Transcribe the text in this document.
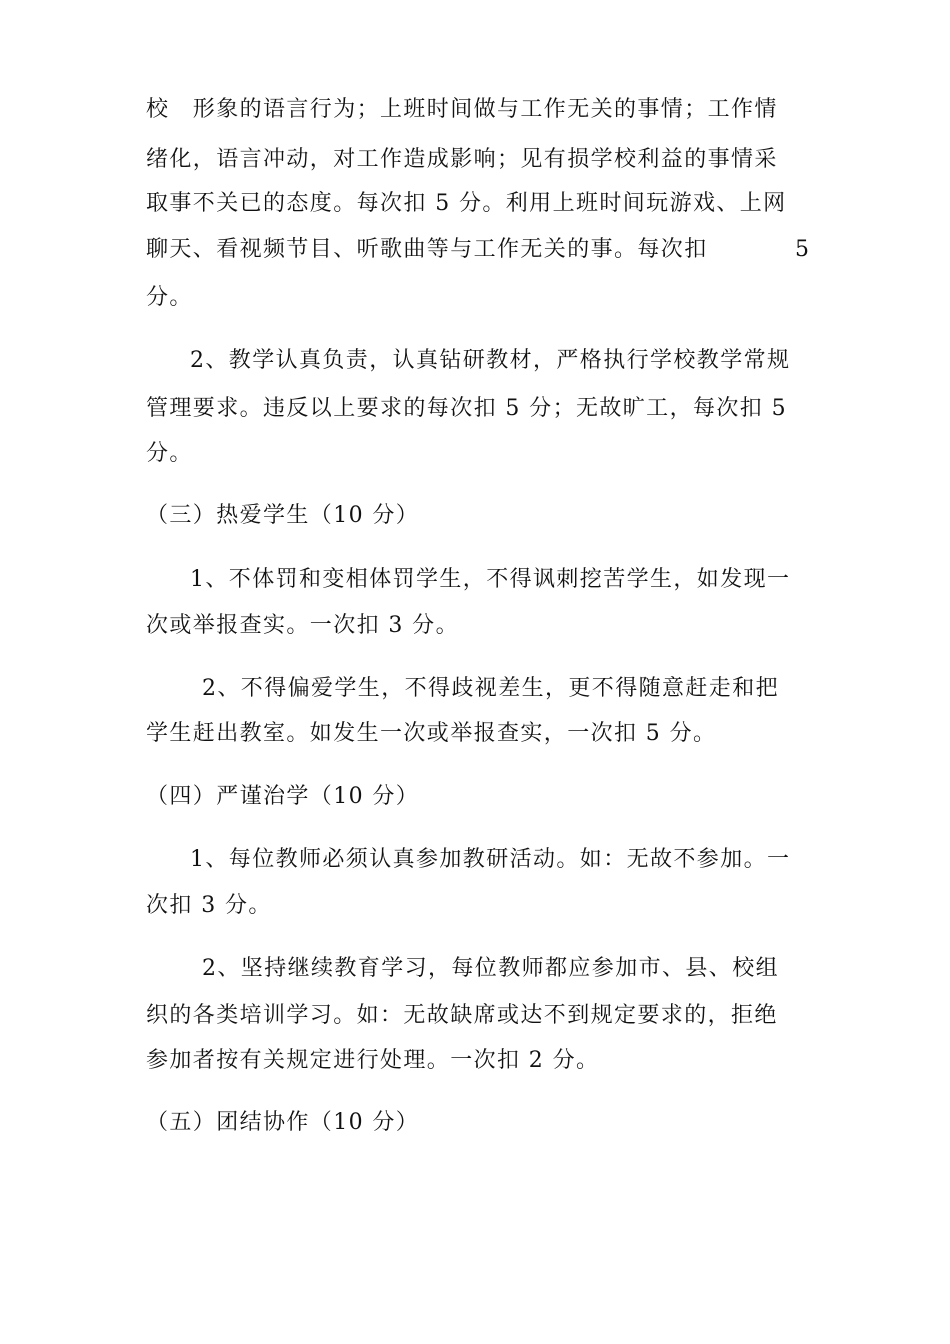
校　形象的语言行为；上班时间做与工作无关的事情；工作情
绪化，语言冲动，对工作造成影响；见有损学校利益的事情采
取事不关已的态度。每次扣 5 分。利用上班时间玩游戏、上网
聊天、看视频节目、听歌曲等与工作无关的事。每次扣	5
分。
2、教学认真负责，认真钻研教材，严格执行学校教学常规
管理要求。违反以上要求的每次扣 5 分；无故旷工，每次扣 5
分。
（三）热爱学生（10 分）
1、不体罚和变相体罚学生，不得讽刺挖苦学生，如发现一
次或举报查实。一次扣 3 分。
2、不得偏爱学生，不得歧视差生，更不得随意赶走和把
学生赶出教室。如发生一次或举报查实，一次扣 5 分。
（四）严谨治学（10 分）
1、每位教师必须认真参加教研活动。如：无故不参加。一
次扣 3 分。
2、坚持继续教育学习，每位教师都应参加市、县、校组
织的各类培训学习。如：无故缺席或达不到规定要求的，拒绝
参加者按有关规定进行处理。一次扣 2 分。
（五）团结协作（10 分）
